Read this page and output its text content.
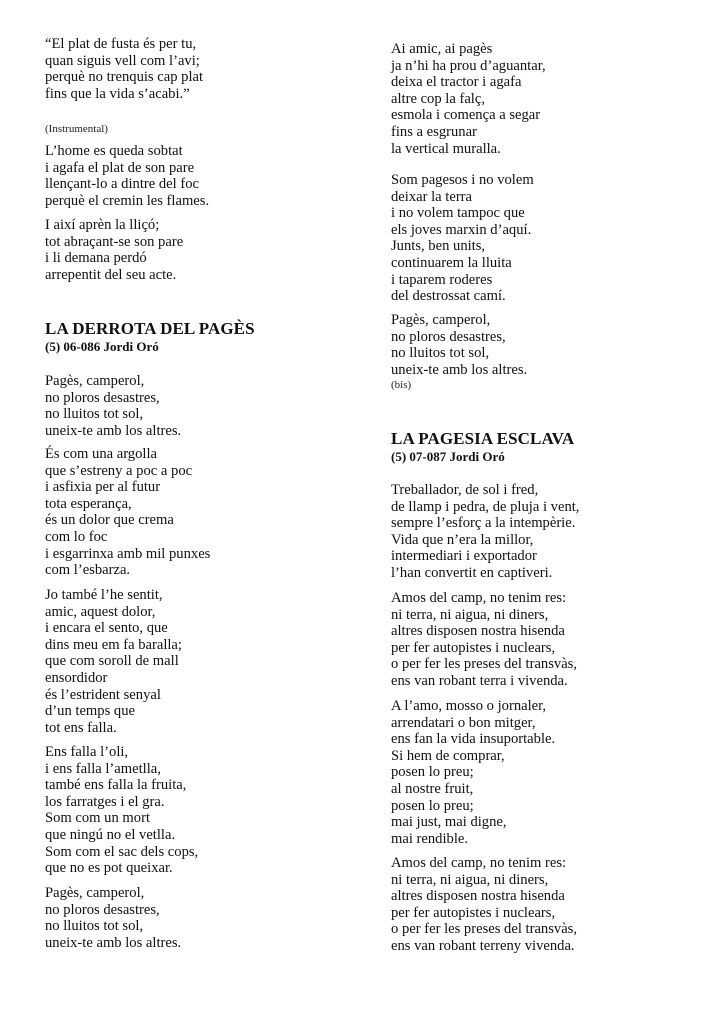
“El plat de fusta és per tu,
quan siguis vell com l’avi;
perquè no trenquis cap plat
fins que la vida s’acabi.”
(Instrumental)
L’home es queda sobtat
i agafa el plat de son pare
llençant-lo a dintre del foc
perquè el cremin les flames.
I així aprèn la lliçó;
tot abraçant-se son pare
i li demana perdó
arrepentit del seu acte.
LA DERROTA DEL PAGÈS
(5) 06-086 Jordi Oró
Pagès, camperol,
no ploros desastres,
no lluitos tot sol,
uneix-te amb los altres.
És com una argolla
que s’estreny a poc a poc
i asfixia per al futur
tota esperança,
és un dolor que crema
com lo foc
i esgarrinxa amb mil punxes
com l’esbarza.
Jo també l’he sentit,
amic, aquest dolor,
i encara el sento, que
dins meu em fa baralla;
que com soroll de mall
ensordidor
és l’estrident senyal
d’un temps que
tot ens falla.
Ens falla l’oli,
i ens falla l’ametlla,
també ens falla la fruita,
los farratges i el gra.
Som com un mort
que ningú no el vetlla.
Som com el sac dels cops,
que no es pot queixar.
Pagès, camperol,
no ploros desastres,
no lluitos tot sol,
uneix-te amb los altres.
Ai amic, ai pagès
ja n’hi ha prou d’aguantar,
deixa el tractor i agafa
altre cop la falç,
esmola i comença a segar
fins a esgrunar
la vertical muralla.
Som pagesos i no volem
deixar la terra
i no volem tampoc que
els joves marxin d’aquí.
Junts, ben units,
continuarem la lluita
i taparem roderes
del destrossat camí.
Pagès, camperol,
no ploros desastres,
no lluitos tot sol,
uneix-te amb los altres.
(bis)
LA PAGESIA ESCLAVA
(5) 07-087 Jordi Oró
Treballador, de sol i fred,
de llamp i pedra, de pluja i vent,
sempre l’esforç a la intempèrie.
Vida que n’era la millor,
intermediari i exportador
l’han convertit en captiveri.
Amos del camp, no tenim res:
ni terra, ni aigua, ni diners,
altres disposen nostra hisenda
per fer autopistes i nuclears,
o per fer les preses del transvàs,
ens van robant terra i vivenda.
A l’amo, mosso o jornaler,
arrendatari o bon mitger,
ens fan la vida insuportable.
Si hem de comprar,
posen lo preu;
al nostre fruit,
posen lo preu;
mai just, mai digne,
mai rendible.
Amos del camp, no tenim res:
ni terra, ni aigua, ni diners,
altres disposen nostra hisenda
per fer autopistes i nuclears,
o per fer les preses del transvàs,
ens van robant terreny vivenda.
